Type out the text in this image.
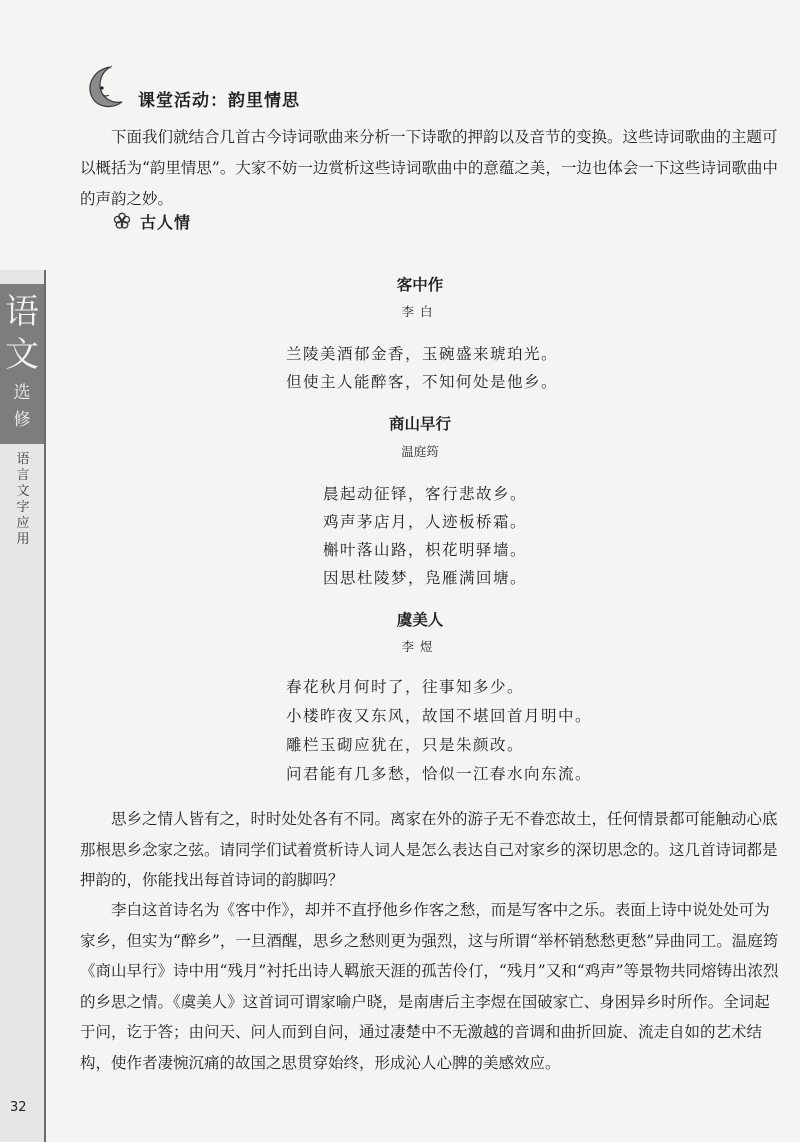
语
文
选
修
语言文字应用
32
课堂活动：韵里情思
下面我们就结合几首古今诗词歌曲来分析一下诗歌的押韵以及音节的变换。这些诗词歌曲的主题可以概括为“韵里情思”。大家不妨一边赏析这些诗词歌曲中的意蕴之美，一边也体会一下这些诗词歌曲中的声韵之妙。
古人情
客中作
李白
兰陵美酒郁金香，玉碗盛来琥珀光。
但使主人能醉客，不知何处是他乡。
商山早行
温庭筠
晨起动征铎，客行悲故乡。
鸡声茅店月，人迹板桥霜。
槲叶落山路，枳花明驿墙。
因思杜陵梦，凫雁满回塘。
虞美人
李煜
春花秋月何时了，往事知多少。
小楼昨夜又东风，故国不堪回首月明中。
雕栏玉砌应犹在，只是朱颜改。
问君能有几多愁，恰似一江春水向东流。
思乡之情人皆有之，时时处处各有不同。离家在外的游子无不眷恋故土，任何情景都可能触动心底那根思乡念家之弦。请同学们试着赏析诗人词人是怎么表达自己对家乡的深切思念的。这几首诗词都是押韵的，你能找出每首诗词的韵脚吗？
李白这首诗名为《客中作》，却并不直抒他乡作客之愁，而是写客中之乐。表面上诗中说处处可为家乡，但实为“醉乡”，一旦酒醒，思乡之愁则更为强烈，这与所谓“举杯销愁愁更愁”异曲同工。温庭筠《商山早行》诗中用“残月”衬托出诗人羁旅天涯的孤苦伶仃，“残月”又和“鸡声”等景物共同熔铸出浓烈的乡思之情。《虞美人》这首词可谓家喻户晓，是南唐后主李煜在国破家亡、身困异乡时所作。全词起于问，讫于答；由问天、问人而到自问，通过凄楚中不无激越的音调和曲折回旋、流走自如的艺术结构，使作者凄惋沉痛的故国之思贯穿始终，形成沁人心脾的美感效应。
